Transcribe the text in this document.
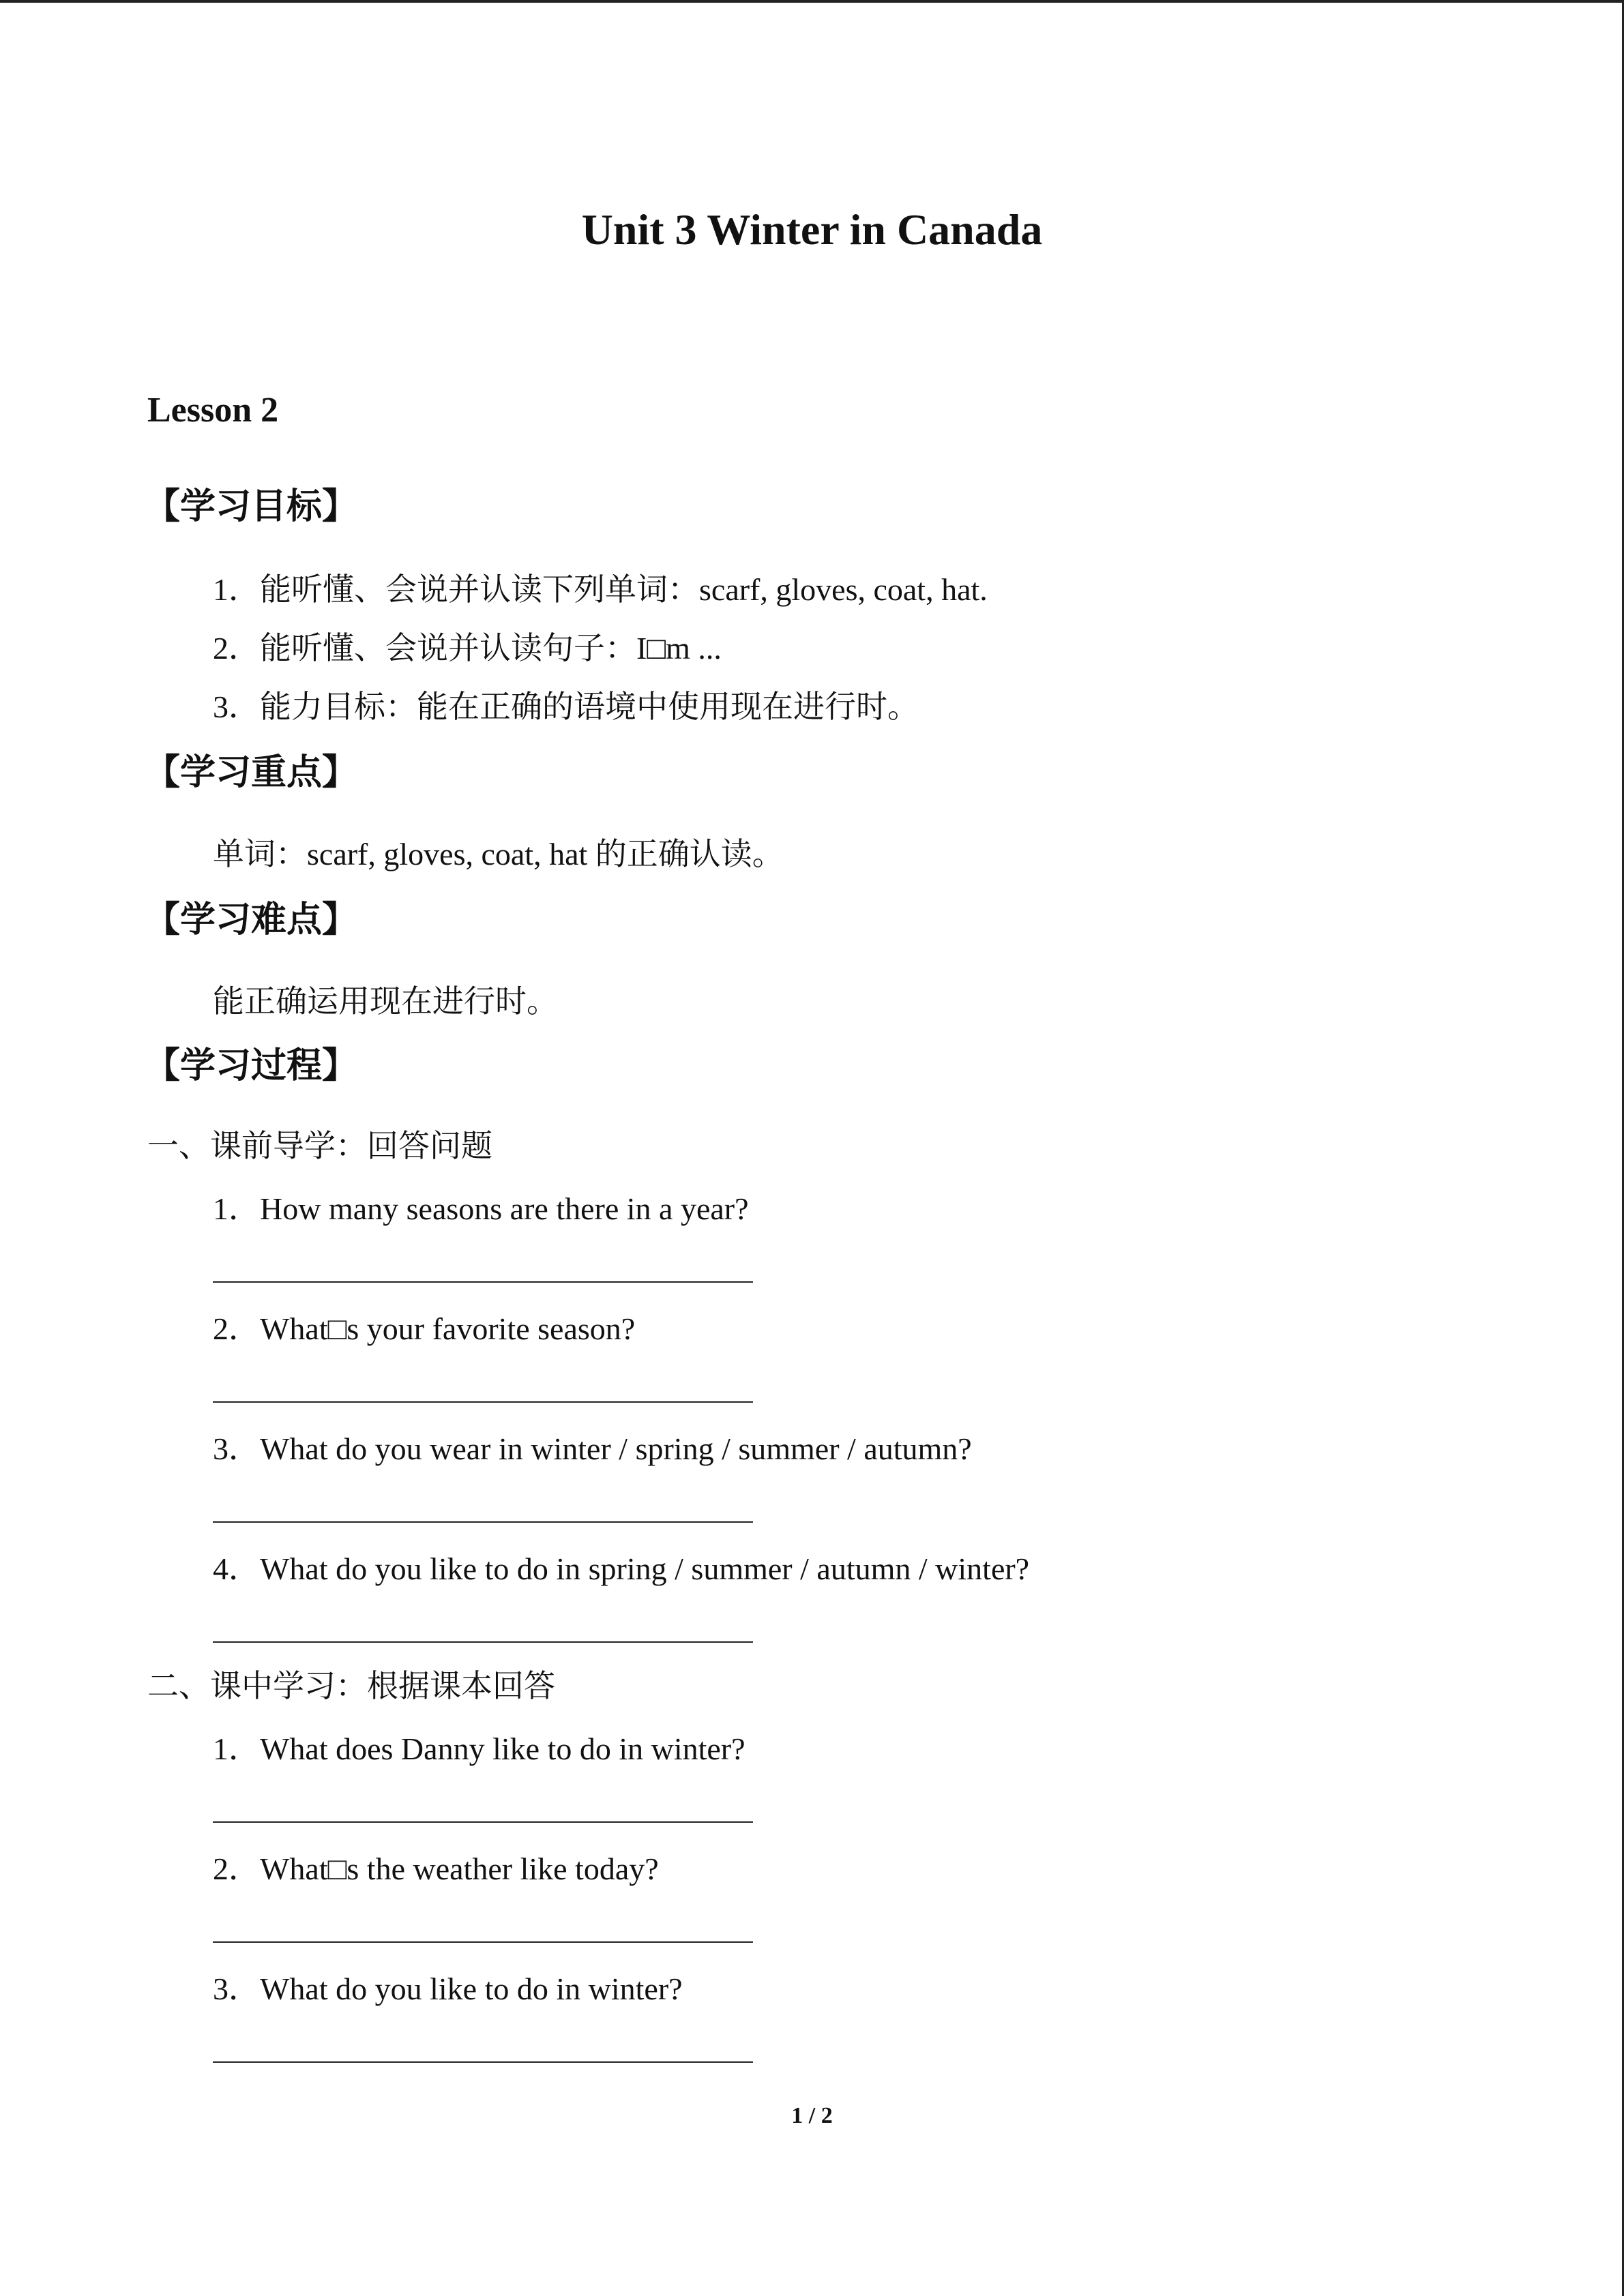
Unit 3 Winter in Canada
Lesson 2
【学习目标】
1．能听懂、会说并认读下列单词：scarf, gloves, coat, hat.
2．能听懂、会说并认读句子：I□m ...
3．能力目标：能在正确的语境中使用现在进行时。
【学习重点】
单词：scarf, gloves, coat, hat 的正确认读。
【学习难点】
能正确运用现在进行时。
【学习过程】
一、课前导学：回答问题
1．How many seasons are there in a year?
2．What□s your favorite season?
3．What do you wear in winter / spring / summer / autumn?
4．What do you like to do in spring / summer / autumn / winter?
二、课中学习：根据课本回答
1．What does Danny like to do in winter?
2．What□s the weather like today?
3．What do you like to do in winter?
1 / 2
